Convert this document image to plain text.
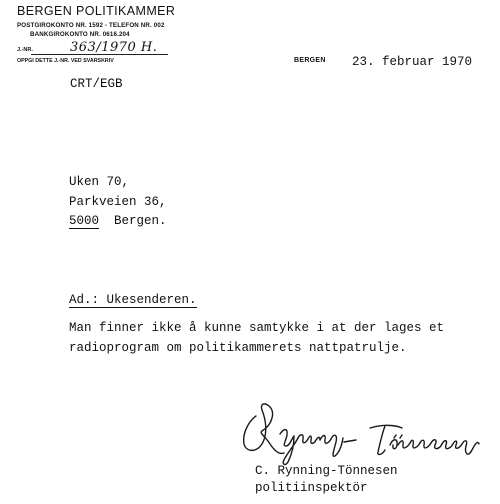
BERGEN POLITIKAMMER
POSTGIROKONTO NR. 1592 - TELEFON NR. 002
BANKGIROKONTO NR. 0616.204
J.-NR.	363/1970 H.
OPPGI DETTE J.-NR. VED SVARSKRIV	BERGEN 23. februar 1970
CRT/EGB
Uken 70,
Parkveien 36,
5000 Bergen.
Ad.: Ukesenderen.
Man finner ikke å kunne samtykke i at der lages et
radioprogram om politikammerets nattpatrulje.
C. Rynning-Tönnesen
politiinspektör
